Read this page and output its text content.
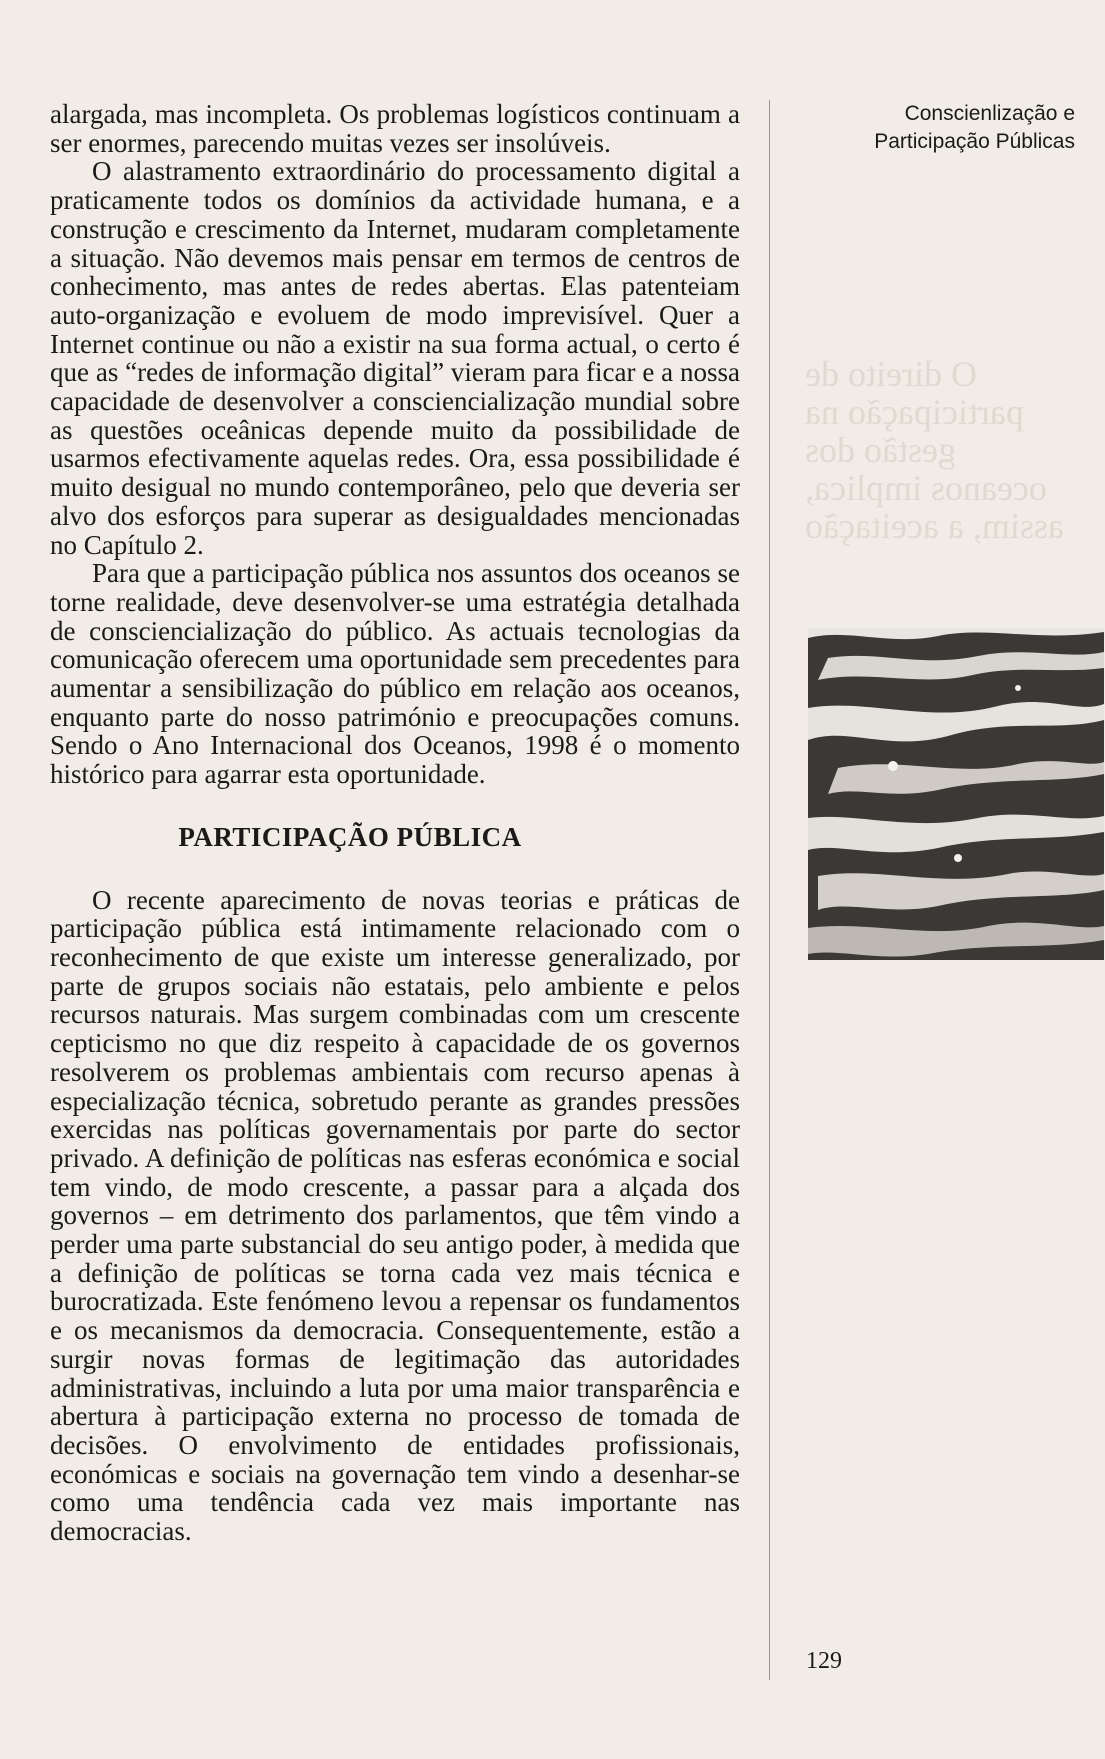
alargada, mas incompleta. Os problemas logísticos continuam a ser enormes, parecendo muitas vezes ser insolúveis.

O alastramento extraordinário do processamento digital a praticamente todos os domínios da actividade humana, e a construção e crescimento da Internet, mudaram completamente a situação. Não devemos mais pensar em termos de centros de conhecimento, mas antes de redes abertas. Elas patenteiam auto-organização e evoluem de modo imprevisível. Quer a Internet continue ou não a existir na sua forma actual, o certo é que as “redes de informação digital” vieram para ficar e a nossa capacidade de desenvolver a consciencialização mundial sobre as questões oceânicas depende muito da possibilidade de usarmos efectivamente aquelas redes. Ora, essa possibilidade é muito desigual no mundo contemporâneo, pelo que deveria ser alvo dos esforços para superar as desigualdades mencionadas no Capítulo 2.

Para que a participação pública nos assuntos dos oceanos se torne realidade, deve desenvolver-se uma estratégia detalhada de consciencialização do público. As actuais tecnologias da comunicação oferecem uma oportunidade sem precedentes para aumentar a sensibilização do público em relação aos oceanos, enquanto parte do nosso património e preocupações comuns. Sendo o Ano Internacional dos Oceanos, 1998 é o momento histórico para agarrar esta oportunidade.

PARTICIPAÇÃO PÚBLICA

O recente aparecimento de novas teorias e práticas de participação pública está intimamente relacionado com o reconhecimento de que existe um interesse generalizado, por parte de grupos sociais não estatais, pelo ambiente e pelos recursos naturais. Mas surgem combinadas com um crescente cepticismo no que diz respeito à capacidade de os governos resolverem os problemas ambientais com recurso apenas à especialização técnica, sobretudo perante as grandes pressões exercidas nas políticas governamentais por parte do sector privado. A definição de políticas nas esferas económica e social tem vindo, de modo crescente, a passar para a alçada dos governos – em detrimento dos parlamentos, que têm vindo a perder uma parte substancial do seu antigo poder, à medida que a definição de políticas se torna cada vez mais técnica e burocratizada. Este fenómeno levou a repensar os fundamentos e os mecanismos da democracia. Consequentemente, estão a surgir novas formas de legitimação das autoridades administrativas, incluindo a luta por uma maior transparência e abertura à participação externa no processo de tomada de decisões. O envolvimento de entidades profissionais, económicas e sociais na governação tem vindo a desenhar-se como uma tendência cada vez mais importante nas democracias.

Conscienlização e
Participação Públicas
O direito de participação na gestão dos oceanos implica, assim, a aceitação
129
